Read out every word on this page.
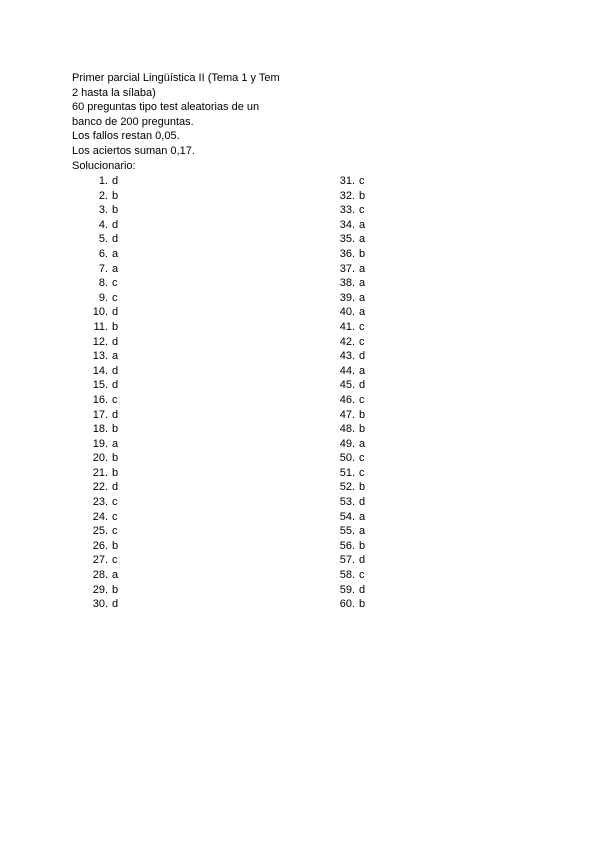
Primer parcial Lingüística II (Tema 1 y Tem
2 hasta la sílaba)
60 preguntas tipo test aleatorias de un
banco de 200 preguntas.
Los fallos restan 0,05.
Los aciertos suman 0,17.
Solucionario:
1. d
2. b
3. b
4. d
5. d
6. a
7. a
8. c
9. c
10. d
11. b
12. d
13. a
14. d
15. d
16. c
17. d
18. b
19. a
20. b
21. b
22. d
23. c
24. c
25. c
26. b
27. c
28. a
29. b
30. d
31. c
32. b
33. c
34. a
35. a
36. b
37. a
38. a
39. a
40. a
41. c
42. c
43. d
44. a
45. d
46. c
47. b
48. b
49. a
50. c
51. c
52. b
53. d
54. a
55. a
56. b
57. d
58. c
59. d
60. b
